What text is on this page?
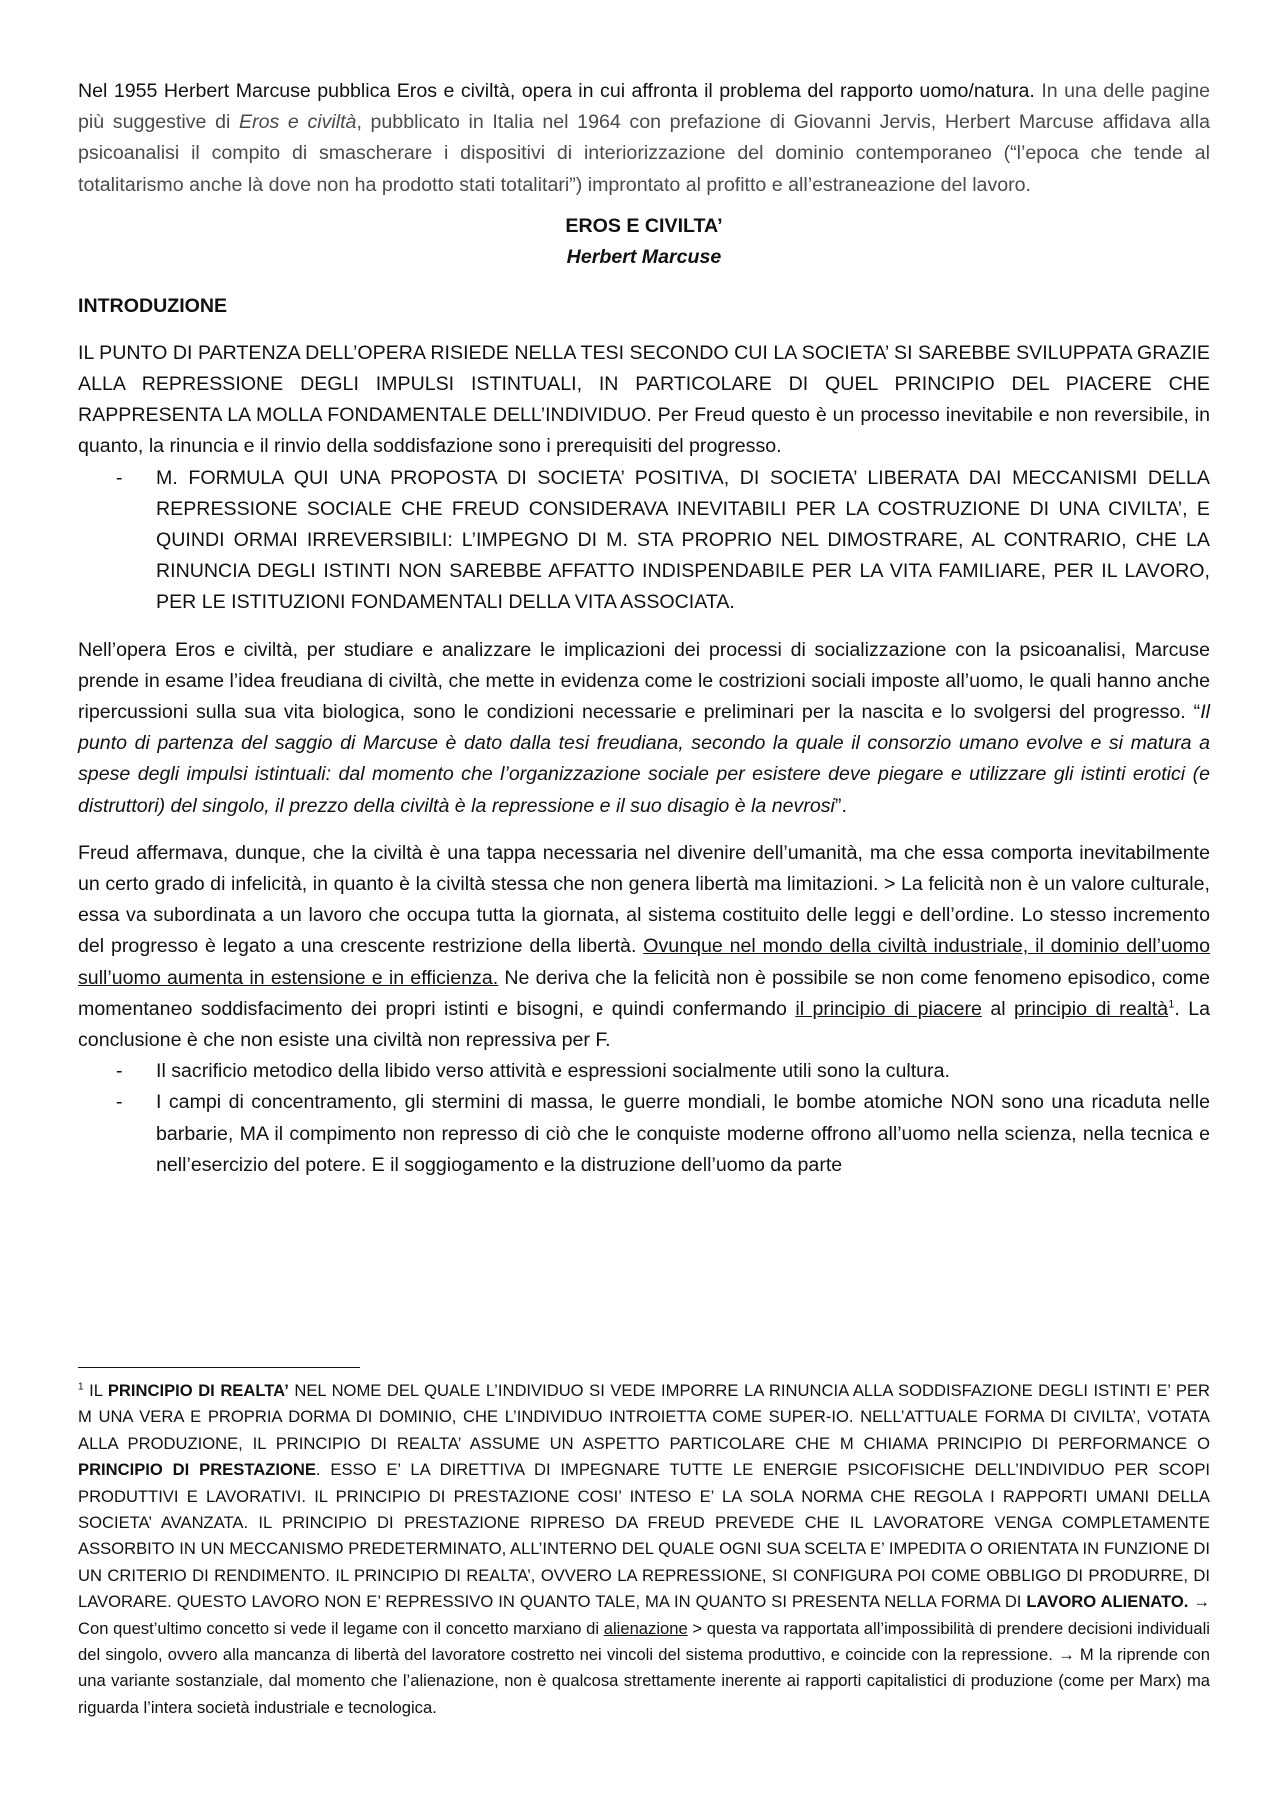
Nel 1955 Herbert Marcuse pubblica Eros e civiltà, opera in cui affronta il problema del rapporto uomo/natura. In una delle pagine più suggestive di Eros e civiltà, pubblicato in Italia nel 1964 con prefazione di Giovanni Jervis, Herbert Marcuse affidava alla psicoanalisi il compito di smascherare i dispositivi di interiorizzazione del dominio contemporaneo (“l’epoca che tende al totalitarismo anche là dove non ha prodotto stati totalitari”) improntato al profitto e all’estraneazione del lavoro.

EROS E CIVILTA’

Herbert Marcuse

INTRODUZIONE

IL PUNTO DI PARTENZA DELL’OPERA RISIEDE NELLA TESI SECONDO CUI LA SOCIETA’ SI SAREBBE SVILUPPATA GRAZIE ALLA REPRESSIONE DEGLI IMPULSI ISTINTUALI, IN PARTICOLARE DI QUEL PRINCIPIO DEL PIACERE CHE RAPPRESENTA LA MOLLA FONDAMENTALE DELL’INDIVIDUO. Per Freud questo è un processo inevitabile e non reversibile, in quanto, la rinuncia e il rinvio della soddisfazione sono i prerequisiti del progresso.

- M. FORMULA QUI UNA PROPOSTA DI SOCIETA’ POSITIVA, DI SOCIETA’ LIBERATA DAI MECCANISMI DELLA REPRESSIONE SOCIALE CHE FREUD CONSIDERAVA INEVITABILI PER LA COSTRUZIONE DI UNA CIVILTA’, E QUINDI ORMAI IRREVERSIBILI: L’IMPEGNO DI M. STA PROPRIO NEL DIMOSTRARE, AL CONTRARIO, CHE LA RINUNCIA DEGLI ISTINTI NON SAREBBE AFFATTO INDISPENDABILE PER LA VITA FAMILIARE, PER IL LAVORO, PER LE ISTITUZIONI FONDAMENTALI DELLA VITA ASSOCIATA.

Nell’opera Eros e civiltà, per studiare e analizzare le implicazioni dei processi di socializzazione con la psicoanalisi, Marcuse prende in esame l’idea freudiana di civiltà, che mette in evidenza come le costrizioni sociali imposte all’uomo, le quali hanno anche ripercussioni sulla sua vita biologica, sono le condizioni necessarie e preliminari per la nascita e lo svolgersi del progresso. “Il punto di partenza del saggio di Marcuse è dato dalla tesi freudiana, secondo la quale il consorzio umano evolve e si matura a spese degli impulsi istintuali: dal momento che l’organizzazione sociale per esistere deve piegare e utilizzare gli istinti erotici (e distruttori) del singolo, il prezzo della civiltà è la repressione e il suo disagio è la nevrosi”.

Freud affermava, dunque, che la civiltà è una tappa necessaria nel divenire dell’umanità, ma che essa comporta inevitabilmente un certo grado di infelicità, in quanto è la civiltà stessa che non genera libertà ma limitazioni. > La felicità non è un valore culturale, essa va subordinata a un lavoro che occupa tutta la giornata, al sistema costituito delle leggi e dell’ordine. Lo stesso incremento del progresso è legato a una crescente restrizione della libertà. Ovunque nel mondo della civiltà industriale, il dominio dell’uomo sull’uomo aumenta in estensione e in efficienza. Ne deriva che la felicità non è possibile se non come fenomeno episodico, come momentaneo soddisfacimento dei propri istinti e bisogni, e quindi confermando il principio di piacere al principio di realtà$^1$. La conclusione è che non esiste una civiltà non repressiva per F.

- Il sacrificio metodico della libido verso attività e espressioni socialmente utili sono la cultura.
- I campi di concentramento, gli stermini di massa, le guerre mondiali, le bombe atomiche NON sono una ricaduta nelle barbarie, MA il compimento non represso di ciò che le conquiste moderne offrono all’uomo nella scienza, nella tecnica e nell’esercizio del potere. E il soggiogamento e la distruzione dell’uomo da parte

$^1$ IL PRINCIPIO DI REALTA’ NEL NOME DEL QUALE L’INDIVIDUO SI VEDE IMPORRE LA RINUNCIA ALLA SODDISFAZIONE DEGLI ISTINTI E’ PER M UNA VERA E PROPRIA DORMA DI DOMINIO, CHE L’INDIVIDUO INTROIETTA COME SUPER-IO. NELL’ATTUALE FORMA DI CIVILTA’, VOTATA ALLA PRODUZIONE, IL PRINCIPIO DI REALTA’ ASSUME UN ASPETTO PARTICOLARE CHE M CHIAMA PRINCIPIO DI PERFORMANCE O PRINCIPIO DI PRESTAZIONE. ESSO E’ LA DIRETTIVA DI IMPEGNARE TUTTE LE ENERGIE PSICOFISICHE DELL’INDIVIDUO PER SCOPI PRODUTTIVI E LAVORATIVI. IL PRINCIPIO DI PRESTAZIONE COSI’ INTESO E’ LA SOLA NORMA CHE REGOLA I RAPPORTI UMANI DELLA SOCIETA’ AVANZATA. IL PRINCIPIO DI PRESTAZIONE RIPRESO DA FREUD PREVEDE CHE IL LAVORATORE VENGA COMPLETAMENTE ASSORBITO IN UN MECCANISMO PREDETERMINATO, ALL’INTERNO DEL QUALE OGNI SUA SCELTA E’ IMPEDITA O ORIENTATA IN FUNZIONE DI UN CRITERIO DI RENDIMENTO. IL PRINCIPIO DI REALTA’, OVVERO LA REPRESSIONE, SI CONFIGURA POI COME OBBLIGO DI PRODURRE, DI LAVORARE. QUESTO LAVORO NON E’ REPRESSIVO IN QUANTO TALE, MA IN QUANTO SI PRESENTA NELLA FORMA DI LAVORO ALIENATO. → Con quest’ultimo concetto si vede il legame con il concetto marxiano di alienazione > questa va rapportata all’impossibilità di prendere decisioni individuali del singolo, ovvero alla mancanza di libertà del lavoratore costretto nei vincoli del sistema produttivo, e coincide con la repressione. → M la riprende con una variante sostanziale, dal momento che l’alienazione, non è qualcosa strettamente inerente ai rapporti capitalistici di produzione (come per Marx) ma riguarda l’intera società industriale e tecnologica.
